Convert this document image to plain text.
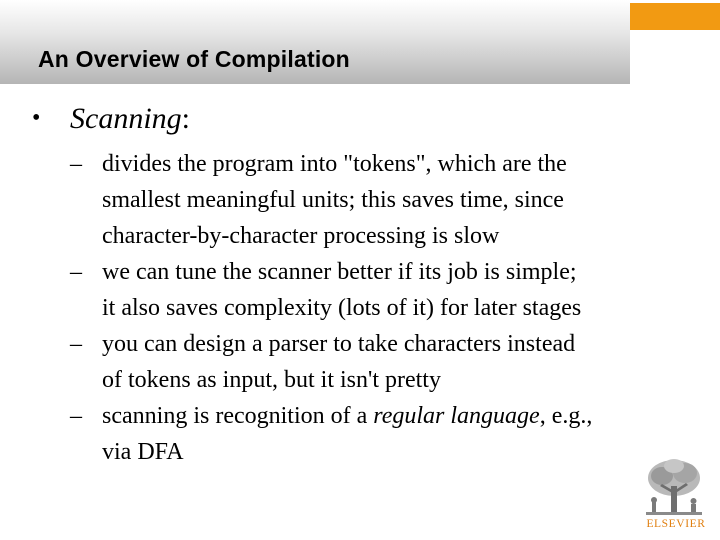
An Overview of Compilation
• Scanning:
– divides the program into "tokens", which are the
smallest meaningful units; this saves time, since
character-by-character processing is slow
– we can tune the scanner better if its job is simple;
it also saves complexity (lots of it) for later stages
– you can design a parser to take characters instead
of tokens as input, but it isn't pretty
– scanning is recognition of a regular language, e.g.,
via DFA
ELSEVIER
